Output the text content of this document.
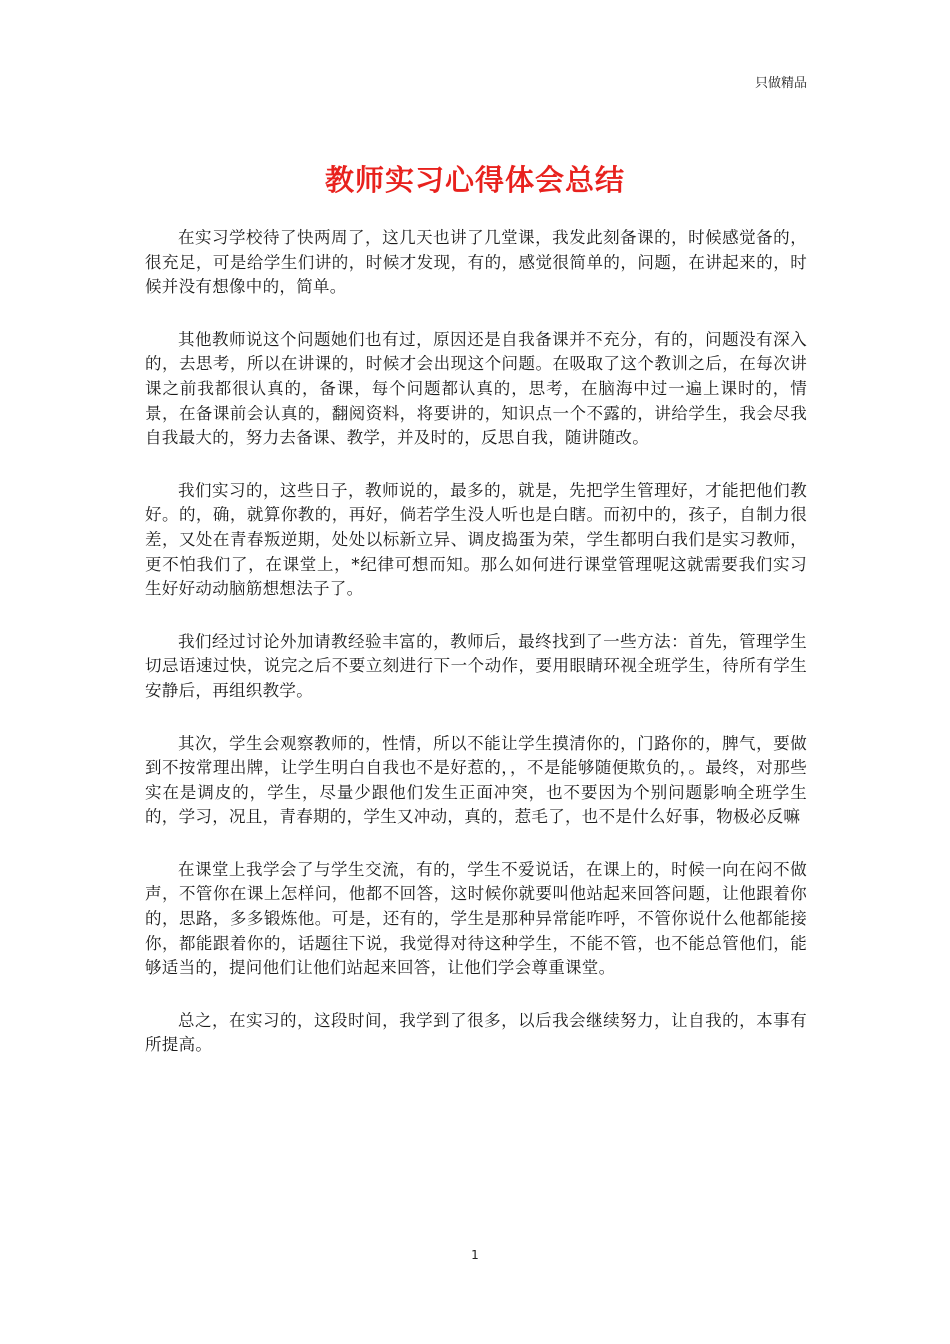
只做精品
教师实习心得体会总结

在实习学校待了快两周了，这几天也讲了几堂课，我发此刻备课的，时候感觉备的，很充足，可是给学生们讲的，时候才发现，有的，感觉很简单的，问题，在讲起来的，时候并没有想像中的，简单。

其他教师说这个问题她们也有过，原因还是自我备课并不充分，有的，问题没有深入的，去思考，所以在讲课的，时候才会出现这个问题。在吸取了这个教训之后，在每次讲课之前我都很认真的，备课，每个问题都认真的，思考，在脑海中过一遍上课时的，情景，在备课前会认真的，翻阅资料，将要讲的，知识点一个不露的，讲给学生，我会尽我自我最大的，努力去备课、教学，并及时的，反思自我，随讲随改。

我们实习的，这些日子，教师说的，最多的，就是，先把学生管理好，才能把他们教好。的，确，就算你教的，再好，倘若学生没人听也是白瞎。而初中的，孩子，自制力很差，又处在青春叛逆期，处处以标新立异、调皮捣蛋为荣，学生都明白我们是实习教师，更不怕我们了，在课堂上，*纪律可想而知。那么如何进行课堂管理呢这就需要我们实习生好好动动脑筋想想法子了。

我们经过讨论外加请教经验丰富的，教师后，最终找到了一些方法：首先，管理学生切忌语速过快，说完之后不要立刻进行下一个动作，要用眼睛环视全班学生，待所有学生安静后，再组织教学。

其次，学生会观察教师的，性情，所以不能让学生摸清你的，门路你的，脾气，要做到不按常理出牌，让学生明白自我也不是好惹的，，不是能够随便欺负的，。最终，对那些实在是调皮的，学生，尽量少跟他们发生正面冲突，也不要因为个别问题影响全班学生的，学习，况且，青春期的，学生又冲动，真的，惹毛了，也不是什么好事，物极必反嘛

在课堂上我学会了与学生交流，有的，学生不爱说话，在课上的，时候一向在闷不做声，不管你在课上怎样问，他都不回答，这时候你就要叫他站起来回答问题，让他跟着你的，思路，多多锻炼他。可是，还有的，学生是那种异常能咋呼，不管你说什么他都能接你，都能跟着你的，话题往下说，我觉得对待这种学生，不能不管，也不能总管他们，能够适当的，提问他们让他们站起来回答，让他们学会尊重课堂。

总之，在实习的，这段时间，我学到了很多，以后我会继续努力，让自我的，本事有所提高。

1
